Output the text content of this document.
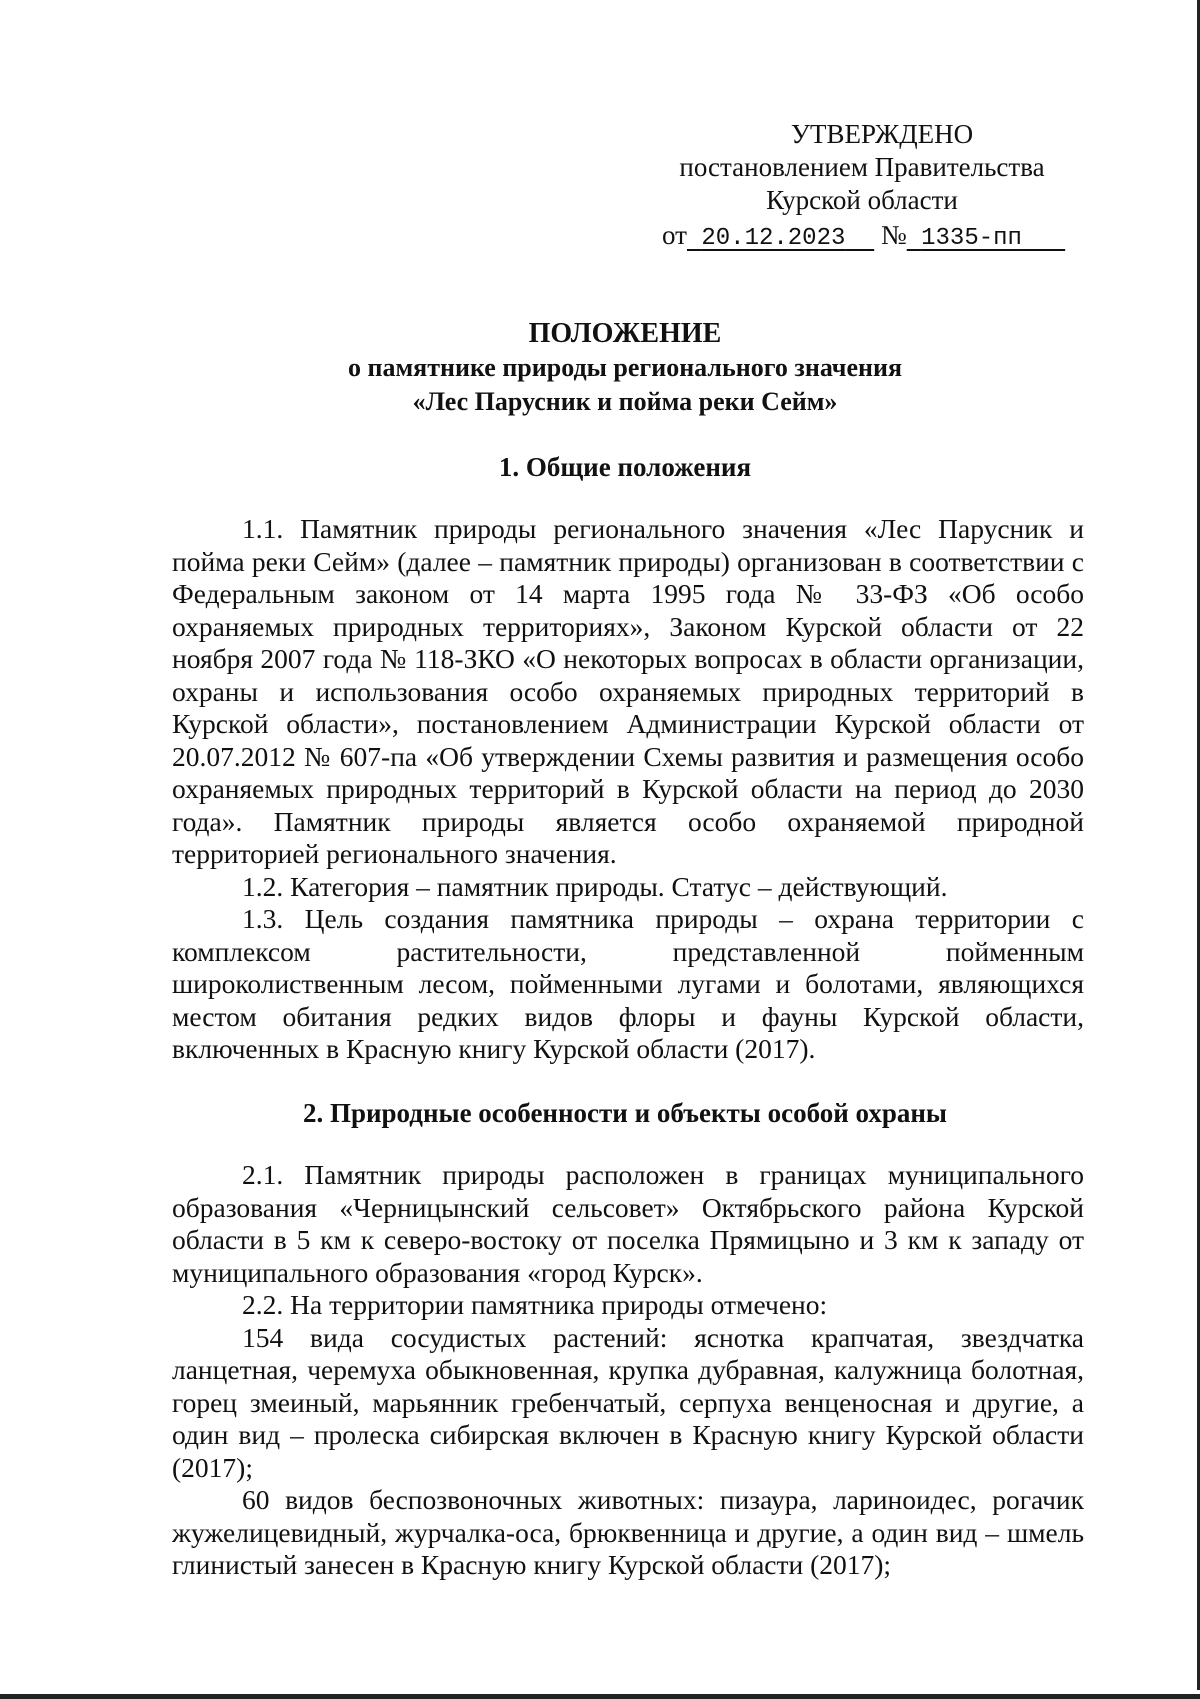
УТВЕРЖДЕНО
постановлением Правительства
Курской области
от 20.12.2023 № 1335-пп
ПОЛОЖЕНИЕ
о памятнике природы регионального значения
«Лес Парусник и пойма реки Сейм»
1. Общие положения

1.1. Памятник природы регионального значения «Лес Парусник и пойма реки Сейм» (далее – памятник природы) организован в соответствии с Федеральным законом от 14 марта 1995 года № 33-ФЗ «Об особо охраняемых природных территориях», Законом Курской области от 22 ноября 2007 года № 118-ЗКО «О некоторых вопросах в области организации, охраны и использования особо охраняемых природных территорий в Курской области», постановлением Администрации Курской области от 20.07.2012 № 607-па «Об утверждении Схемы развития и размещения особо охраняемых природных территорий в Курской области на период до 2030 года». Памятник природы является особо охраняемой природной территорией регионального значения.

1.2. Категория – памятник природы. Статус – действующий.

1.3. Цель создания памятника природы – охрана территории с комплексом растительности, представленной пойменным широколиственным лесом, пойменными лугами и болотами, являющихся местом обитания редких видов флоры и фауны Курской области, включенных в Красную книгу Курской области (2017).

2. Природные особенности и объекты особой охраны

2.1. Памятник природы расположен в границах муниципального образования «Черницынский сельсовет» Октябрьского района Курской области в 5 км к северо-востоку от поселка Прямицыно и 3 км к западу от муниципального образования «город Курск».

2.2. На территории памятника природы отмечено:

154 вида сосудистых растений: яснотка крапчатая, звездчатка ланцетная, черемуха обыкновенная, крупка дубравная, калужница болотная, горец змеиный, марьянник гребенчатый, серпуха венценосная и другие, а один вид – пролеска сибирская включен в Красную книгу Курской области (2017);

60 видов беспозвоночных животных: пизаура, лариноидес, рогачик жужелицевидный, журчалка-оса, брюквенница и другие, а один вид – шмель глинистый занесен в Красную книгу Курской области (2017);
